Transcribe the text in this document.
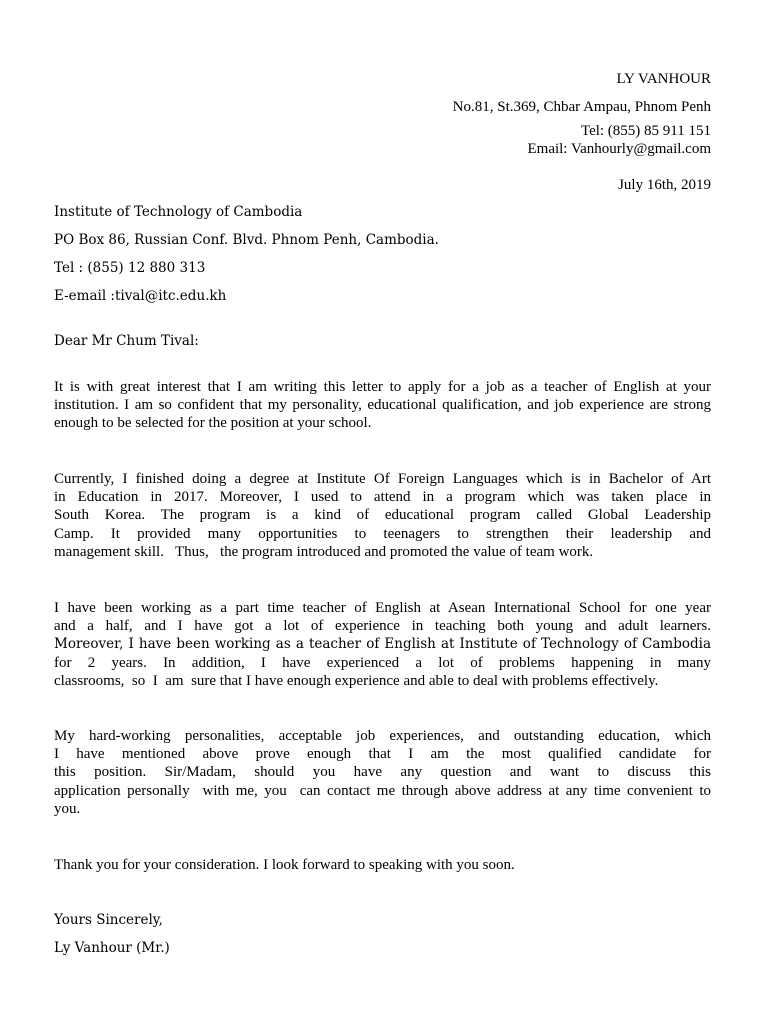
LY VANHOUR
No.81, St.369, Chbar Ampau, Phnom Penh
Tel: (855) 85 911 151
Email: Vanhourly@gmail.com
July 16th, 2019
Institute of Technology of Cambodia
PO Box 86, Russian Conf. Blvd. Phnom Penh, Cambodia.
Tel : (855) 12 880 313
E-email :tival@itc.edu.kh
Dear Mr Chum Tival:
It is with great interest that I am writing this letter to apply for a job as a teacher of English at your
institution. I am so confident that my personality, educational qualification, and job experience are strong
enough to be selected for the position at your school.
Currently, I finished doing a degree at Institute Of Foreign Languages which is in Bachelor of Art
in Education in 2017. Moreover, I used to attend in a program which was taken place in
South Korea. The program is a kind of educational program called Global Leadership
Camp. It provided many opportunities to teenagers to strengthen their leadership and
management skill.   Thus,   the program introduced and promoted the value of team work.
I have been working as a part time teacher of English at Asean International School for one year
and a half, and I have got a lot of experience in teaching both young and adult learners.
Moreover, I have been working as a teacher of English at Institute of Technology of Cambodia
for 2 years. In addition, I have experienced a lot of problems happening in many
classrooms,  so  I  am  sure that I have enough experience and able to deal with problems effectively.
My hard-working personalities, acceptable job experiences, and outstanding education, which
I have mentioned above prove enough that I am the most qualified candidate for
this position. Sir/Madam, should you have any question and want to discuss this
application personally  with me, you  can contact me through above address at any time convenient to
you.
Thank you for your consideration. I look forward to speaking with you soon.
Yours Sincerely,
Ly Vanhour (Mr.)
